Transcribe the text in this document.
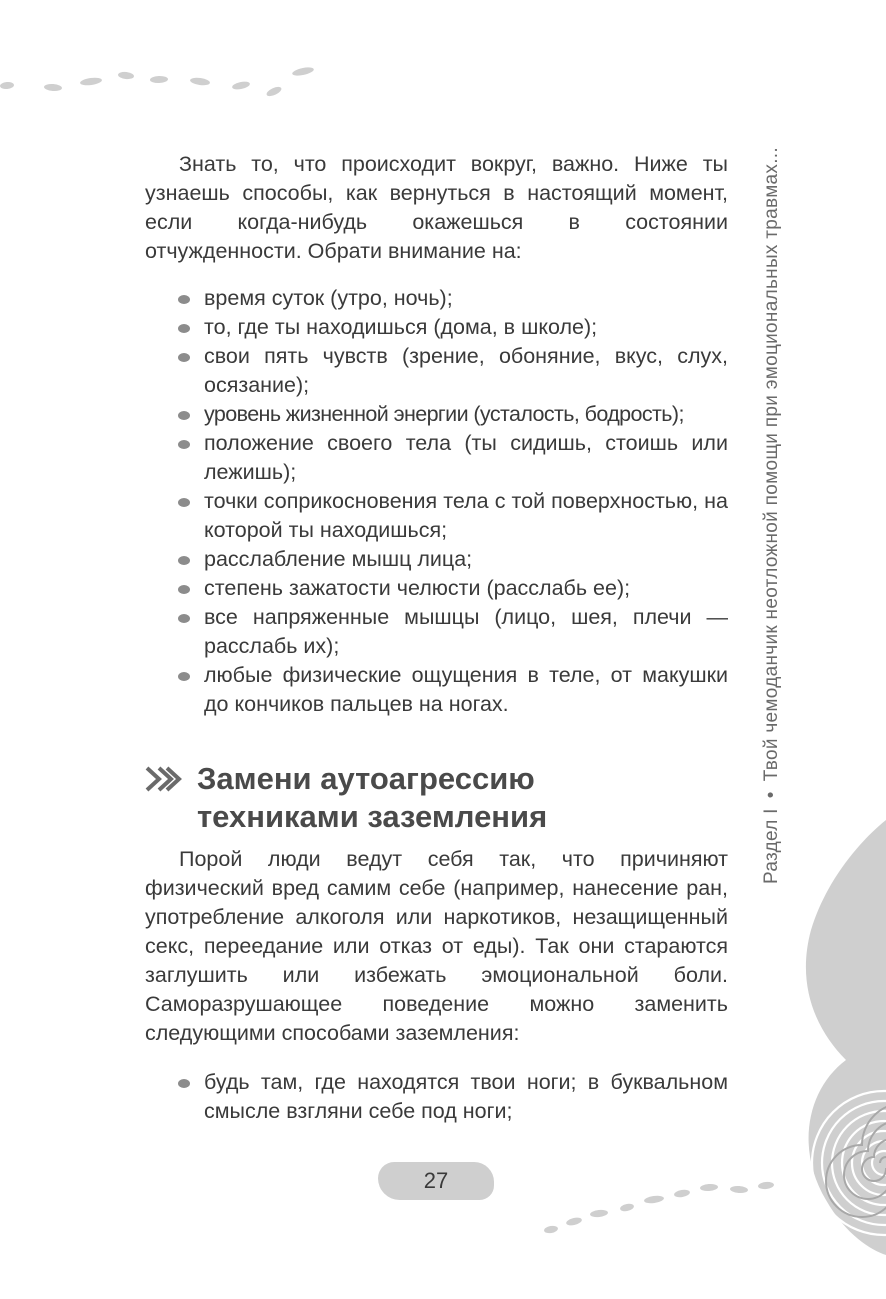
Раздел I•Твой чемоданчик неотложной помощи при эмоциональных травмах...

Знать то, что происходит вокруг, важно. Ниже ты узнаешь способы, как вернуться в настоящий момент, если когда-нибудь окажешься в состоянии отчужденности. Обрати внимание на:

время суток (утро, ночь);
то, где ты находишься (дома, в школе);
свои пять чувств (зрение, обоняние, вкус, слух, осязание);
уровень жизненной энергии (усталость, бодрость);
положение своего тела (ты сидишь, стоишь или лежишь);
точки соприкосновения тела с той поверхностью, на которой ты находишься;
расслабление мышц лица;
степень зажатости челюсти (расслабь ее);
все напряженные мышцы (лицо, шея, плечи — расслабь их);
любые физические ощущения в теле, от макушки до кончиков пальцев на ногах.
Замени аутоагрессию
техниками заземления

Порой люди ведут себя так, что причиняют физический вред самим себе (например, нанесение ран, употребление алкоголя или наркотиков, незащищенный секс, переедание или отказ от еды). Так они стараются заглушить или избежать эмоциональной боли. Саморазрушающее поведение можно заменить следующими способами заземления:

будь там, где находятся твои ноги; в буквальном смысле взгляни себе под ноги;
27
